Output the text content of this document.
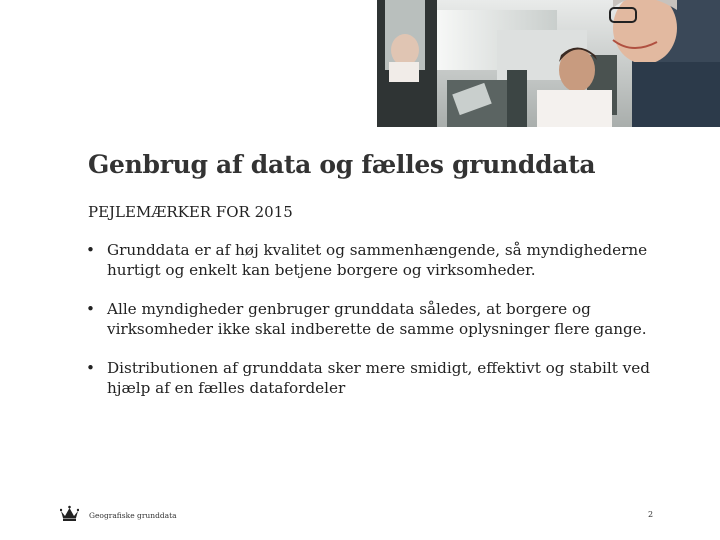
Genbrug af data og fælles grunddata

PEJLEMÆRKER FOR 2015

• Grunddata er af høj kvalitet og sammenhængende, så myndighederne hurtigt og enkelt kan betjene borgere og virksomheder.
• Alle myndigheder genbruger grunddata således, at borgere og virksomheder ikke skal indberette de samme oplysninger flere gange.
• Distributionen af grunddata sker mere smidigt, effektivt og stabilt ved hjælp af en fælles datafordeler
Geografiske grunddata	2
